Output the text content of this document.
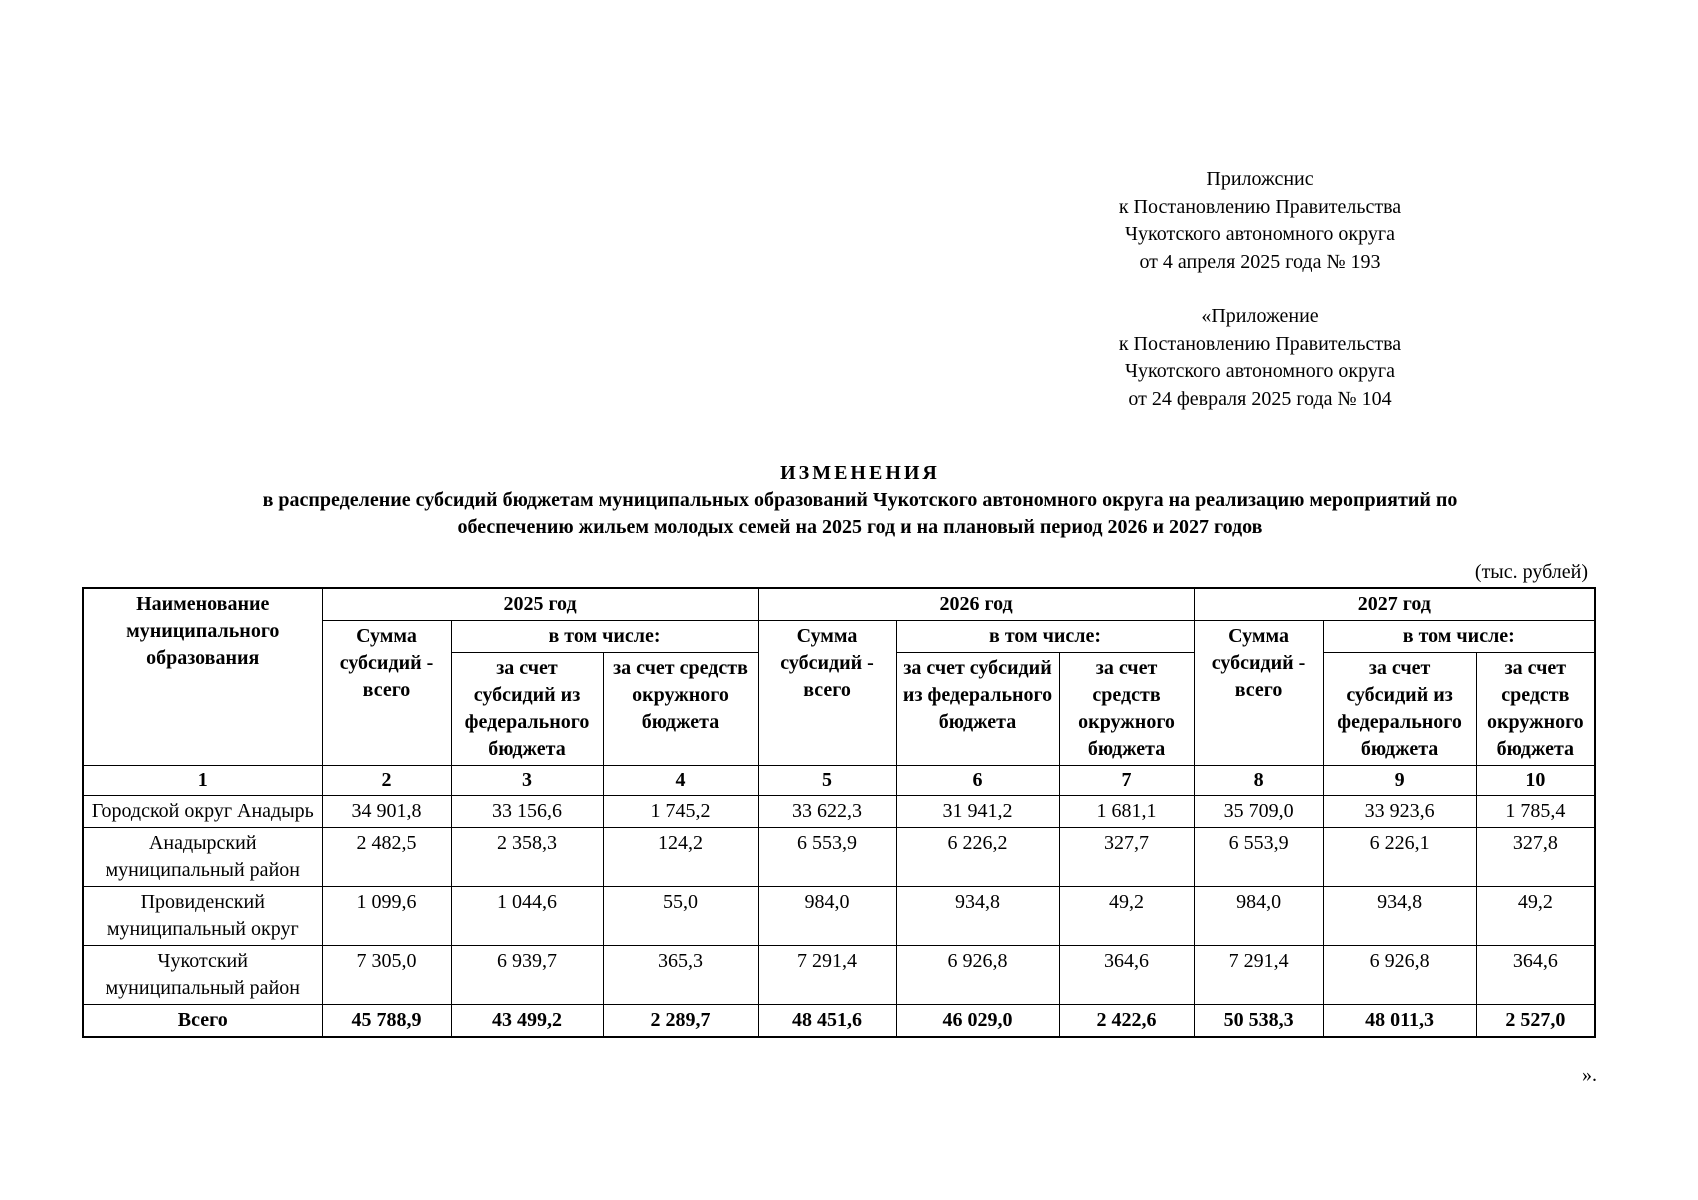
Приложснис
к Постановлению Правительства
Чукотского автономного округа
от 4 апреля 2025 года № 193
«Приложение
к Постановлению Правительства
Чукотского автономного округа
от 24 февраля 2025 года № 104
ИЗМЕНЕНИЯ
в распределение субсидий бюджетам муниципальных образований Чукотского автономного округа на реализацию мероприятий по
обеспечению жильем молодых семей на 2025 год и на плановый период 2026 и 2027 годов
(тыс. рублей)
Наименование муниципального образования	2025 год			2026 год			2027 год		
	Сумма субсидий - всего	в том числе:		Сумма субсидий - всего	в том числе:		Сумма субсидий - всего	в том числе:	
		за счет субсидий из федерального бюджета	за счет средств окружного бюджета		за счет субсидий из федерального бюджета	за счет средств окружного бюджета		за счет субсидий из федерального бюджета	за счет средств окружного бюджета
1	2	3	4	5	6	7	8	9	10
Городской округ Анадырь	34 901,8	33 156,6	1 745,2	33 622,3	31 941,2	1 681,1	35 709,0	33 923,6	1 785,4
Анадырский муниципальный район	2 482,5	2 358,3	124,2	6 553,9	6 226,2	327,7	6 553,9	6 226,1	327,8
Провиденский муниципальный округ	1 099,6	1 044,6	55,0	984,0	934,8	49,2	984,0	934,8	49,2
Чукотский муниципальный район	7 305,0	6 939,7	365,3	7 291,4	6 926,8	364,6	7 291,4	6 926,8	364,6
Всего	45 788,9	43 499,2	2 289,7	48 451,6	46 029,0	2 422,6	50 538,3	48 011,3	2 527,0
».
